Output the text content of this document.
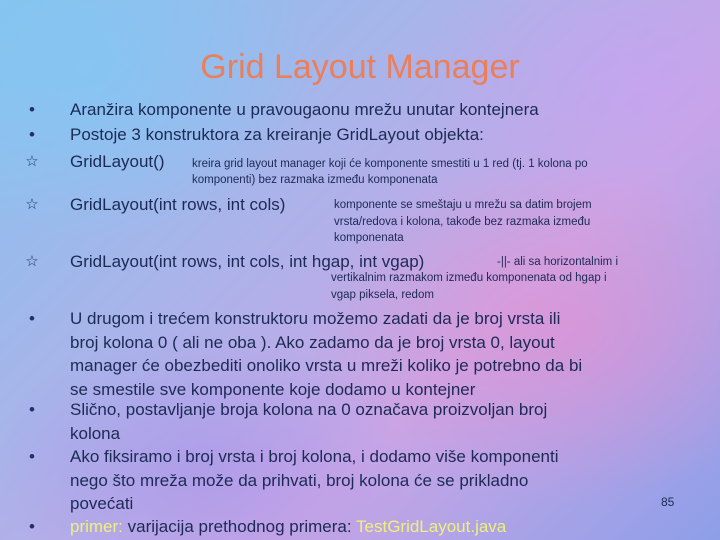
Grid Layout Manager
• Aranžira komponente u pravougaonu mrežu unutar kontejnera
• Postoje 3 konstruktora za kreiranje GridLayout objekta:
☆ GridLayout() kreira grid layout manager koji će komponente smestiti u 1 red (tj. 1 kolona po
komponenti) bez razmaka između komponenata
☆ GridLayout(int rows, int cols)	komponente se smeštaju u mrežu sa datim brojem
vrsta/redova i kolona, takođe bez razmaka između
komponenata
☆ GridLayout(int rows, int cols, int hgap, int vgap)	-||- ali sa horizontalnim i
vertikalnim razmakom između komponenata od hgap i
vgap piksela, redom
• U drugom i trećem konstruktoru možemo zadati da je broj vrsta ili
broj kolona 0 ( ali ne oba ). Ako zadamo da je broj vrsta 0, layout
manager će obezbediti onoliko vrsta u mreži koliko je potrebno da bi
se smestile sve komponente koje dodamo u kontejner
• Slično, postavljanje broja kolona na 0 označava proizvoljan broj
kolona
• Ako fiksiramo i broj vrsta i broj kolona, i dodamo više komponenti
nego što mreža može da prihvati, broj kolona će se prikladno
povećati
• primer: varijacija prethodnog primera: TestGridLayout.java
85
